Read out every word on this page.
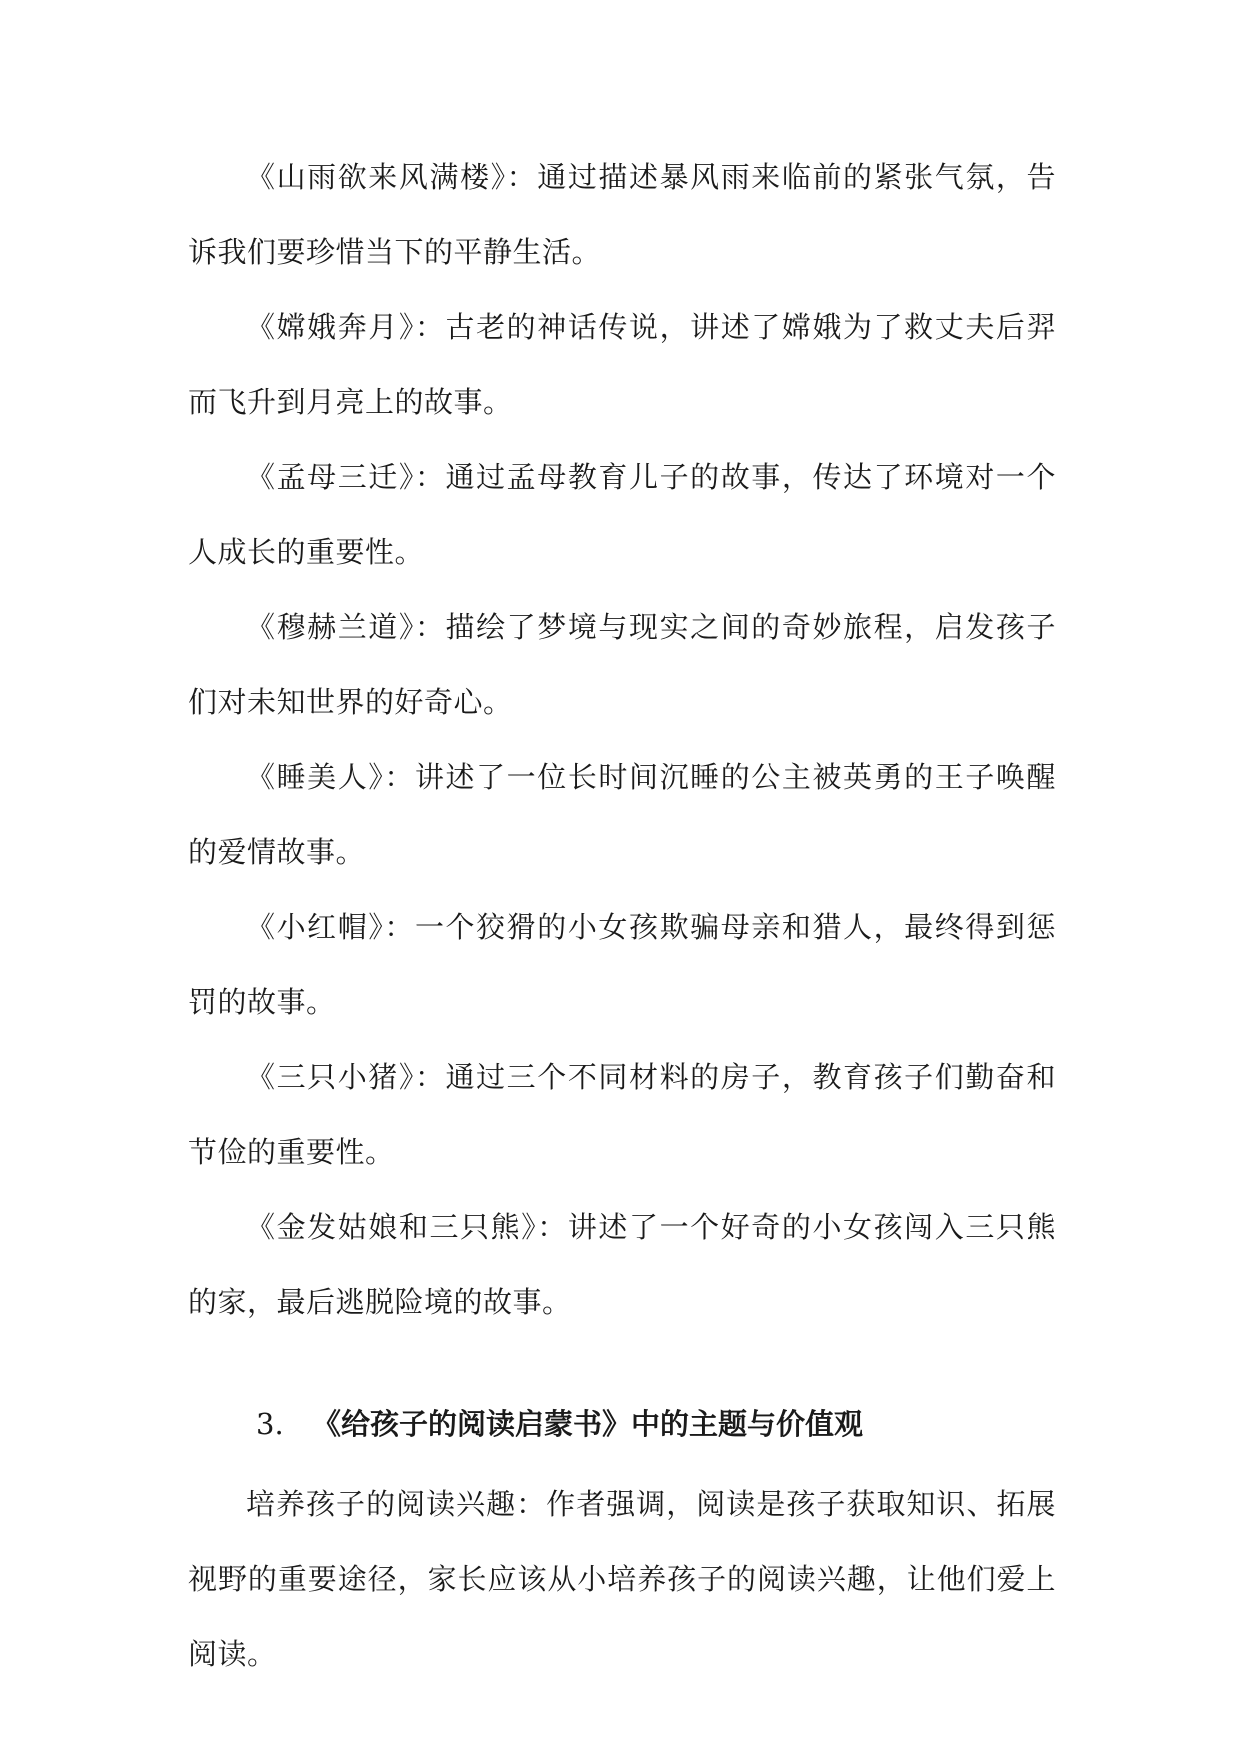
《山雨欲来风满楼》：通过描述暴风雨来临前的紧张气氛，告诉我们要珍惜当下的平静生活。

《嫦娥奔月》：古老的神话传说，讲述了嫦娥为了救丈夫后羿而飞升到月亮上的故事。

《孟母三迁》：通过孟母教育儿子的故事，传达了环境对一个人成长的重要性。

《穆赫兰道》：描绘了梦境与现实之间的奇妙旅程，启发孩子们对未知世界的好奇心。

《睡美人》：讲述了一位长时间沉睡的公主被英勇的王子唤醒的爱情故事。

《小红帽》：一个狡猾的小女孩欺骗母亲和猎人，最终得到惩罚的故事。

《三只小猪》：通过三个不同材料的房子，教育孩子们勤奋和节俭的重要性。

《金发姑娘和三只熊》：讲述了一个好奇的小女孩闯入三只熊的家，最后逃脱险境的故事。

3. 《给孩子的阅读启蒙书》中的主题与价值观

培养孩子的阅读兴趣：作者强调，阅读是孩子获取知识、拓展视野的重要途径，家长应该从小培养孩子的阅读兴趣，让他们爱上阅读。
